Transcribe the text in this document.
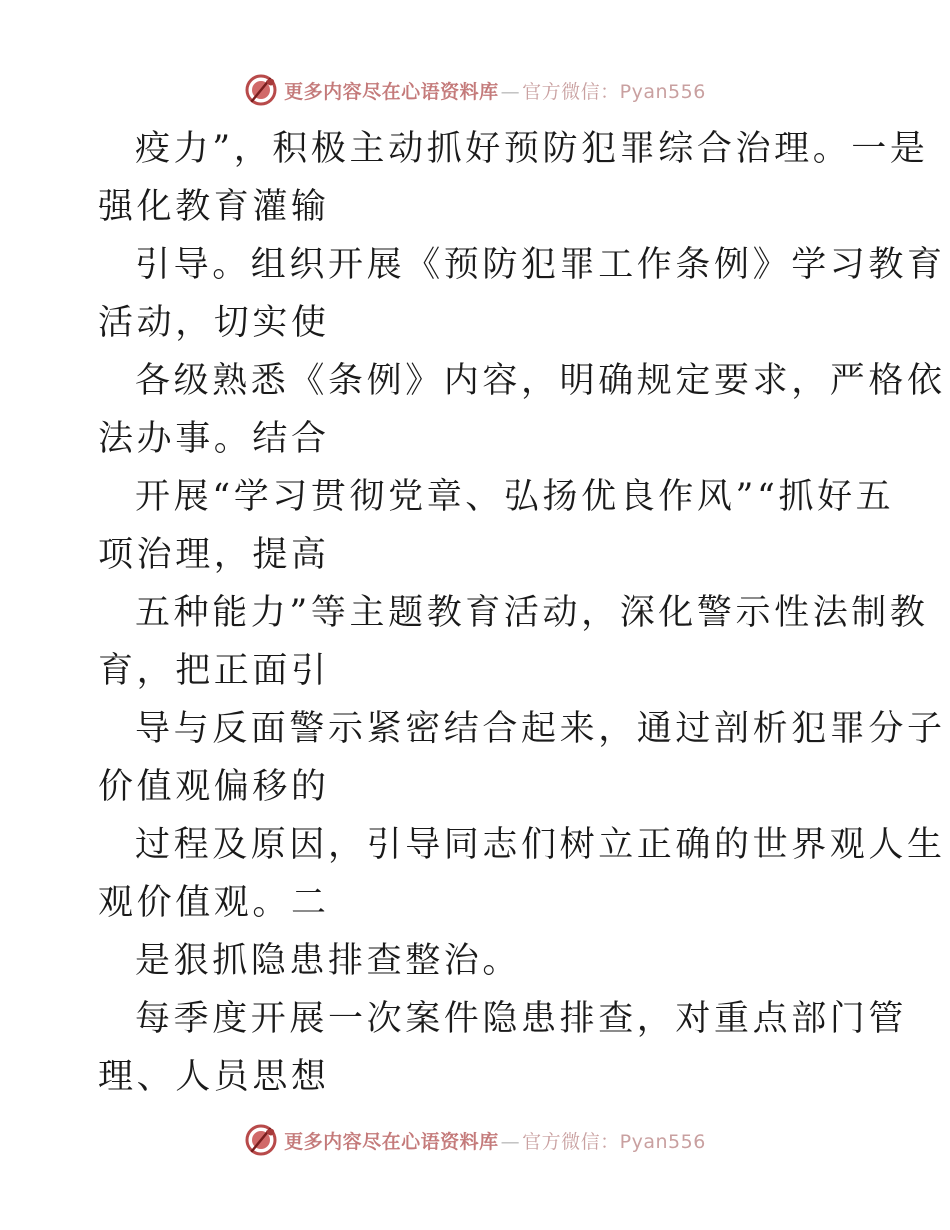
更多内容尽在心语资料库 — 官方微信：Pyan556
疫力”，积极主动抓好预防犯罪综合治理。一是
强化教育灌输
引导。组织开展《预防犯罪工作条例》学习教育
活动，切实使
各级熟悉《条例》内容，明确规定要求，严格依
法办事。结合
开展“学习贯彻党章、弘扬优良作风”“抓好五
项治理，提高
五种能力”等主题教育活动，深化警示性法制教
育，把正面引
导与反面警示紧密结合起来，通过剖析犯罪分子
价值观偏移的
过程及原因，引导同志们树立正确的世界观人生
观价值观。二
是狠抓隐患排查整治。
每季度开展一次案件隐患排查，对重点部门管
理、人员思想
更多内容尽在心语资料库 — 官方微信：Pyan556
